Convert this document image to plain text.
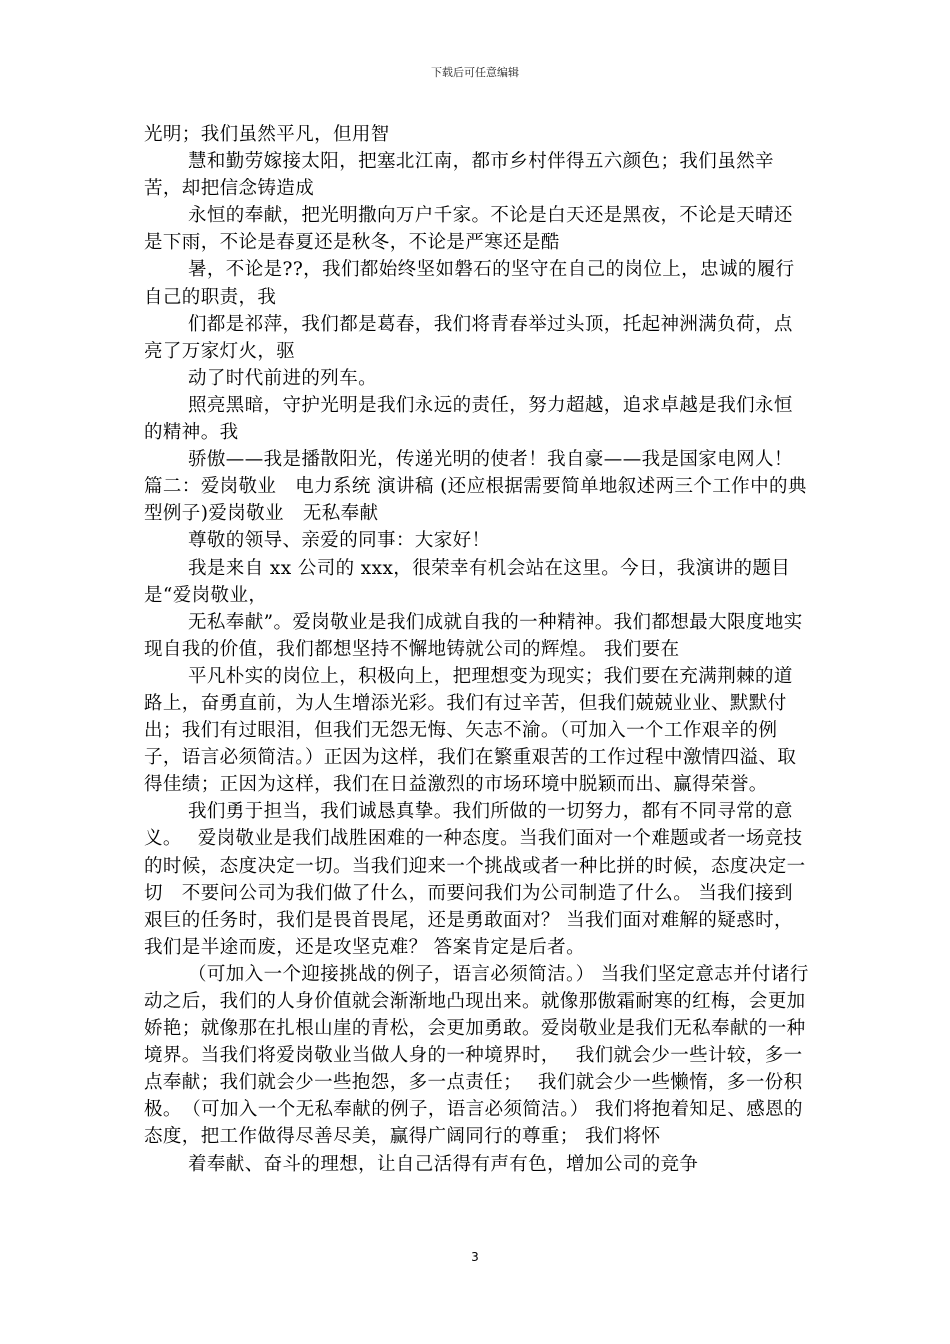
下载后可任意编辑

光明；我们虽然平凡，但用智

慧和勤劳嫁接太阳，把塞北江南，都市乡村伴得五六颜色；我们虽然辛苦，却把信念铸造成

永恒的奉献，把光明撒向万户千家。不论是白天还是黑夜，不论是天晴还是下雨，不论是春夏还是秋冬，不论是严寒还是酷

暑，不论是??，我们都始终坚如磐石的坚守在自己的岗位上，忠诚的履行自己的职责，我

们都是祁萍，我们都是葛春，我们将青春举过头顶，托起神洲满负荷，点亮了万家灯火，驱

动了时代前进的列车。

照亮黑暗，守护光明是我们永远的责任，努力超越，追求卓越是我们永恒的精神。我

骄傲——我是播散阳光，传递光明的使者！我自豪——我是国家电网人！篇二：爱岗敬业　电力系统 演讲稿 (还应根据需要简单地叙述两三个工作中的典型例子)爱岗敬业　无私奉献

尊敬的领导、亲爱的同事：大家好！

我是来自 xx 公司的 xxx，很荣幸有机会站在这里。今日，我演讲的题目是“爱岗敬业，

无私奉献”。爱岗敬业是我们成就自我的一种精神。我们都想最大限度地实现自我的价值，我们都想坚持不懈地铸就公司的辉煌。 我们要在

平凡朴实的岗位上，积极向上，把理想变为现实；我们要在充满荆棘的道路上，奋勇直前，为人生增添光彩。我们有过辛苦，但我们兢兢业业、默默付出；我们有过眼泪，但我们无怨无悔、矢志不渝。（可加入一个工作艰辛的例子，语言必须简洁。）正因为这样，我们在繁重艰苦的工作过程中激情四溢、取得佳绩；正因为这样，我们在日益激烈的市场环境中脱颖而出、赢得荣誉。

我们勇于担当，我们诚恳真挚。我们所做的一切努力，都有不同寻常的意义。　 爱岗敬业是我们战胜困难的一种态度。当我们面对一个难题或者一场竞技的时候，态度决定一切。当我们迎来一个挑战或者一种比拼的时候，态度决定一切　不要问公司为我们做了什么，而要问我们为公司制造了什么。 当我们接到艰巨的任务时，我们是畏首畏尾，还是勇敢面对？ 当我们面对难解的疑惑时，我们是半途而废，还是攻坚克难？ 答案肯定是后者。

（可加入一个迎接挑战的例子，语言必须简洁。） 当我们坚定意志并付诸行动之后，我们的人身价值就会渐渐地凸现出来。就像那傲霜耐寒的红梅，会更加娇艳；就像那在扎根山崖的青松，会更加勇敢。爱岗敬业是我们无私奉献的一种境界。当我们将爱岗敬业当做人身的一种境界时，　 我们就会少一些计较，多一点奉献；我们就会少一些抱怨，多一点责任；　 我们就会少一些懒惰，多一份积极。　（可加入一个无私奉献的例子，语言必须简洁。） 我们将抱着知足、感恩的态度，把工作做得尽善尽美，赢得广阔同行的尊重； 我们将怀

着奉献、奋斗的理想，让自己活得有声有色，增加公司的竞争

3
